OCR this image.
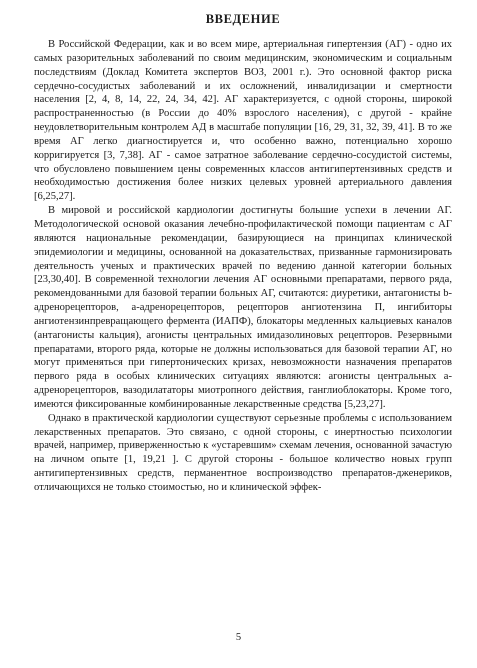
ВВЕДЕНИЕ

В Российской Федерации, как и во всем мире, артериальная гипертензия (АГ) - одно их самых разорительных заболеваний по своим медицинским, экономическим и социальным последствиям (Доклад Комитета экспертов ВОЗ, 2001 г.). Это основной фактор риска сердечно-сосудистых заболеваний и их осложнений, инвалидизации и смертности населения [2, 4, 8, 14, 22, 24, 34, 42]. АГ характеризуется, с одной стороны, широкой распространенностью (в России до 40% взрослого населения), с другой - крайне неудовлетворительным контролем АД в масштабе популяции [16, 29, 31, 32, 39, 41]. В то же время АГ легко диагностируется и, что особенно важно, потенциально хорошо корригируется [3, 7,38]. АГ - самое затратное заболевание сердечно-сосудистой системы, что обусловлено повышением цены современных классов антигипертензивных средств и необходимостью достижения более низких целевых уровней артериального давления [6,25,27].

В мировой и российской кардиологии достигнуты большие успехи в лечении АГ. Методологической основой оказания лечебно-профилактической помощи пациентам с АГ являются национальные рекомендации, базирующиеся на принципах клинической эпидемиологии и медицины, основанной на доказательствах, призванные гармонизировать деятельность ученых и практических врачей по ведению данной категории больных [23,30,40]. В современной технологии лечения АГ основными препаратами, первого ряда, рекомендованными для базовой терапии больных АГ, считаются: диуретики, антагонисты b-адренорецепторов, а-адренорецепторов, рецепторов ангиотензина П, ингибиторы ангиотензинпревращающего фермента (ИАПФ), блокаторы медленных кальциевых каналов (антагонисты кальция), агонисты центральных имидазолиновых рецепторов. Резервными препаратами, второго ряда, которые не должны использоваться для базовой терапии АГ, но могут применяться при гипертонических кризах, невозможности назначения препаратов первого ряда в особых клинических ситуациях являются: агонисты центральных а-адренорецепторов, вазодилататоры миотропного действия, ганглиоблокаторы. Кроме того, имеются фиксированные комбинированные лекарственные средства [5,23,27].

Однако в практической кардиологии существуют серьезные проблемы с использованием лекарственных препаратов. Это связано, с одной стороны, с инертностью психологии врачей, например, приверженностью к «устаревшим» схемам лечения, основанной зачастую на личном опыте [1, 19,21 ]. С другой стороны - большое количество новых групп антигипертензивных средств, перманентное воспроизводство препаратов-дженериков, отличающихся не только стоимостью, но и клинической эффек-

5
